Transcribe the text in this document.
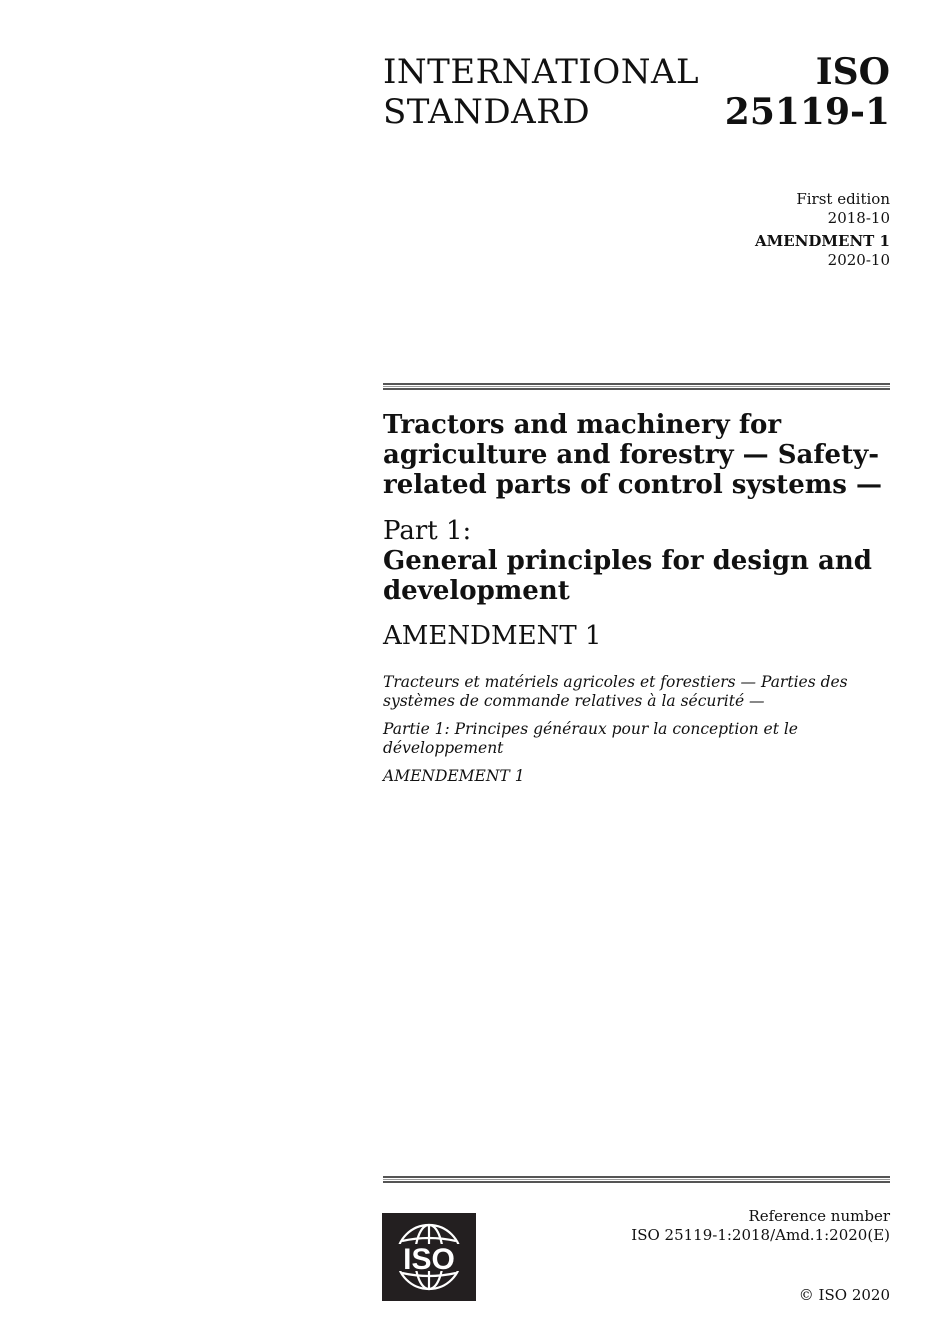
INTERNATIONAL
STANDARD
ISO
25119-1
First edition
2018-10
AMENDMENT 1
2020-10

Tractors and machinery for agriculture and forestry — Safety-related parts of control systems —

Part 1:
General principles for design and development
AMENDMENT 1

Tracteurs et matériels agricoles et forestiers — Parties des systèmes de commande relatives à la sécurité —

Partie 1: Principes généraux pour la conception et le développement

AMENDEMENT 1

ISO
Reference number
ISO 25119-1:2018/Amd.1:2020(E)
© ISO 2020
